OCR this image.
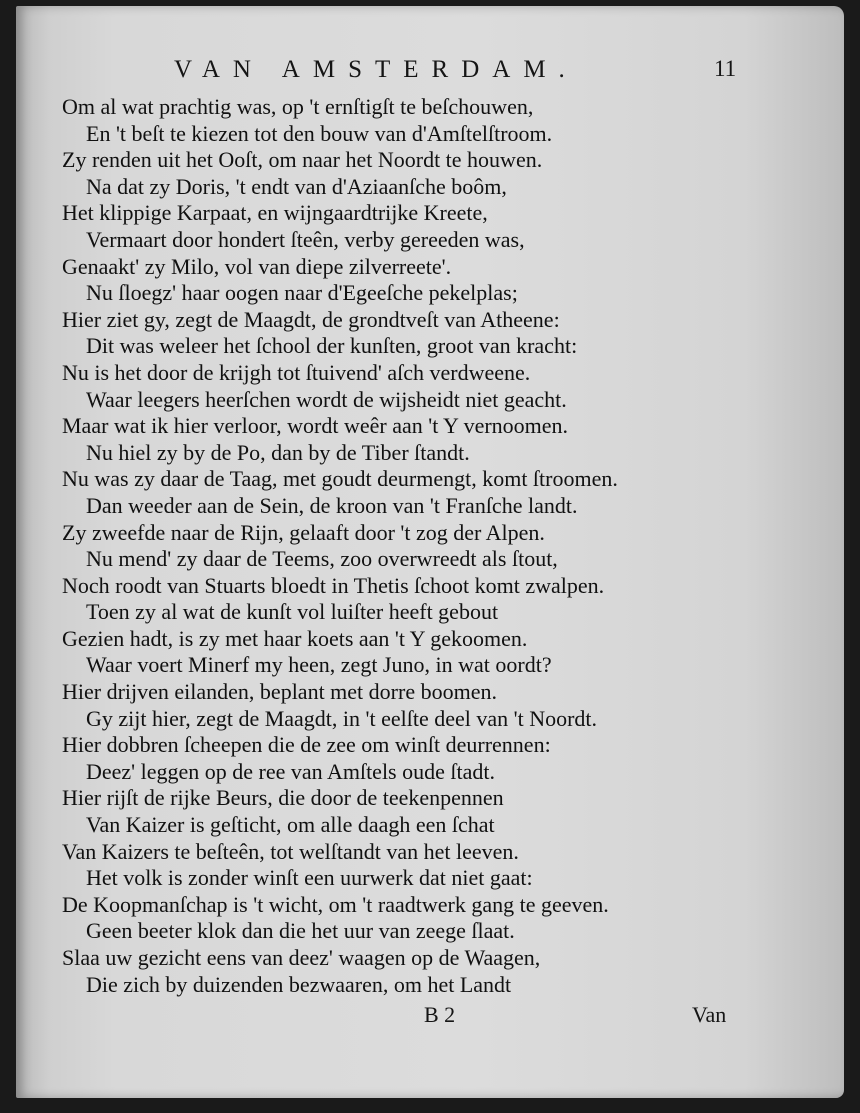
VAN AMSTERDAM.	11
Om al wat prachtig was, op 't ernſtigſt te beſchouwen,
En 't beſt te kiezen tot den bouw van d'Amſtelſtroom.
Zy renden uit het Ooſt, om naar het Noordt te houwen.
Na dat zy Doris, 't endt van d'Aziaanſche boôm,
Het klippige Karpaat, en wijngaardtrijke Kreete,
Vermaart door hondert ſteên, verby gereeden was,
Genaakt' zy Milo, vol van diepe zilverreete'.
Nu ſloegz' haar oogen naar d'Egeeſche pekelplas;
Hier ziet gy, zegt de Maagdt, de grondtveſt van Atheene:
Dit was weleer het ſchool der kunſten, groot van kracht:
Nu is het door de krijgh tot ſtuivend' aſch verdweene.
Waar leegers heerſchen wordt de wijsheidt niet geacht.
Maar wat ik hier verloor, wordt weêr aan 't Y vernoomen.
Nu hiel zy by de Po, dan by de Tiber ſtandt.
Nu was zy daar de Taag, met goudt deurmengt, komt ſtroomen.
Dan weeder aan de Sein, de kroon van 't Franſche landt.
Zy zweefde naar de Rijn, gelaaft door 't zog der Alpen.
Nu mend' zy daar de Teems, zoo overwreedt als ſtout,
Noch roodt van Stuarts bloedt in Thetis ſchoot komt zwalpen.
Toen zy al wat de kunſt vol luiſter heeft gebout
Gezien hadt, is zy met haar koets aan 't Y gekoomen.
Waar voert Minerf my heen, zegt Juno, in wat oordt?
Hier drijven eilanden, beplant met dorre boomen.
Gy zijt hier, zegt de Maagdt, in 't eelſte deel van 't Noordt.
Hier dobbren ſcheepen die de zee om winſt deurrennen:
Deez' leggen op de ree van Amſtels oude ſtadt.
Hier rijſt de rijke Beurs, die door de teekenpennen
Van Kaizer is geſticht, om alle daagh een ſchat
Van Kaizers te beſteên, tot welſtandt van het leeven.
Het volk is zonder winſt een uurwerk dat niet gaat:
De Koopmanſchap is 't wicht, om 't raadtwerk gang te geeven.
Geen beeter klok dan die het uur van zeege ſlaat.
Slaa uw gezicht eens van deez' waagen op de Waagen,
Die zich by duizenden bezwaaren, om het Landt
B 2	Van
